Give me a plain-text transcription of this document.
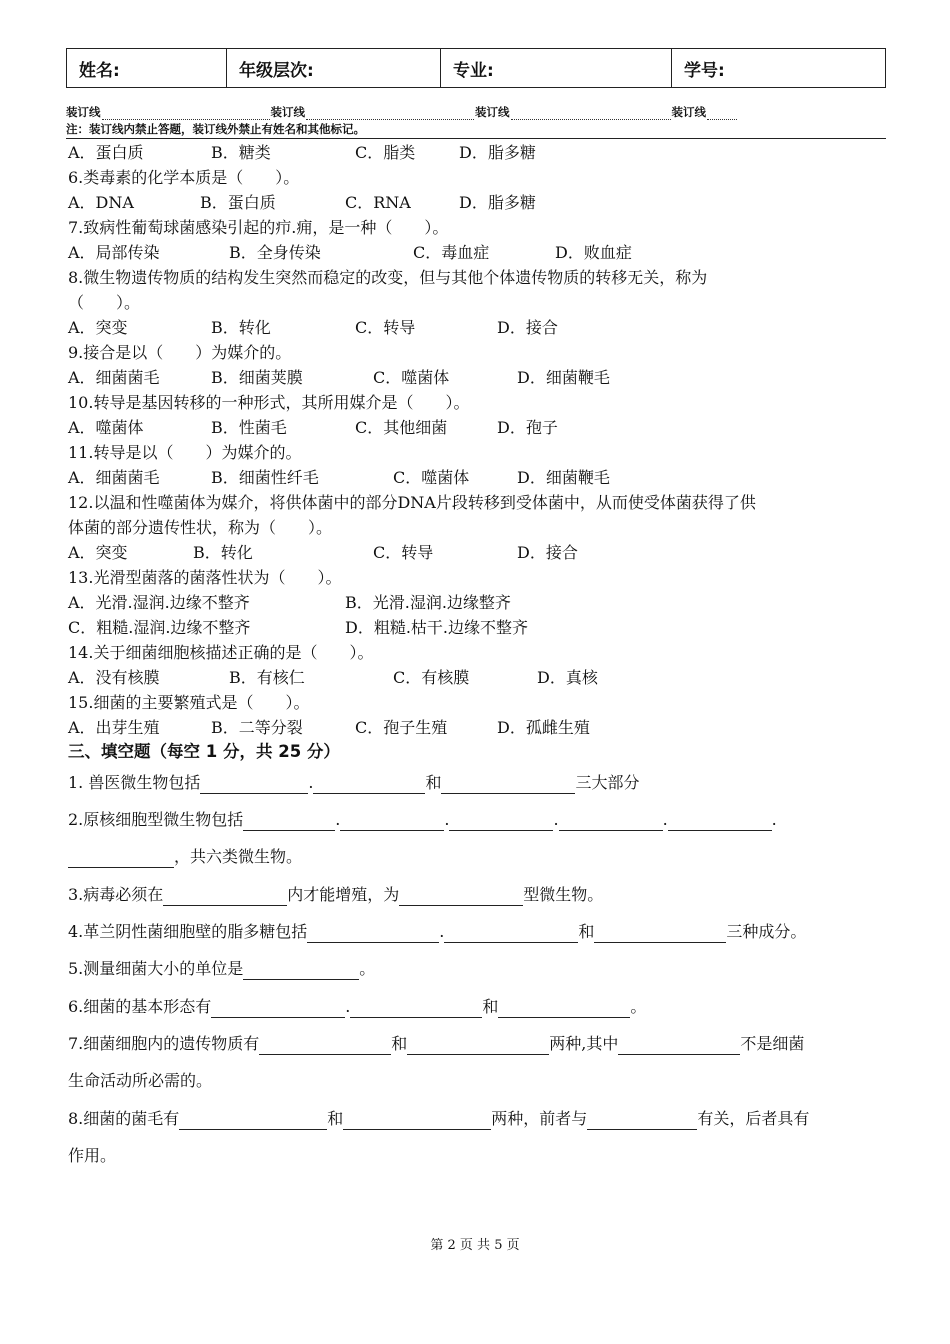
姓名:	年级层次:	专业:	学号:
装订线	装订线	装订线	装订线
注：装订线内禁止答题，装订线外禁止有姓名和其他标记。
A．蛋白质	B．糖类	C．脂类	D．脂多糖
6.类毒素的化学本质是（　　）。
A．DNA	B．蛋白质	C．RNA	D．脂多糖
7.致病性葡萄球菌感染引起的疖.痈，是一种（　　）。
A．局部传染	B．全身传染	C．毒血症	D．败血症
8.微生物遗传物质的结构发生突然而稳定的改变，但与其他个体遗传物质的转移无关，称为
（　　）。
A．突变	B．转化	C．转导	D．接合
9.接合是以（　　）为媒介的。
A．细菌菌毛	B．细菌荚膜	C．噬菌体	D．细菌鞭毛
10.转导是基因转移的一种形式，其所用媒介是（　　）。
A．噬菌体	B．性菌毛	C．其他细菌	D．孢子
11.转导是以（　　）为媒介的。
A．细菌菌毛	B．细菌性纤毛	C．噬菌体	D．细菌鞭毛
12.以温和性噬菌体为媒介，将供体菌中的部分DNA片段转移到受体菌中，从而使受体菌获得了供
体菌的部分遗传性状，称为（　　）。
A．突变	B．转化	C．转导	D．接合
13.光滑型菌落的菌落性状为（　　）。
A．光滑.湿润.边缘不整齐	B．光滑.湿润.边缘整齐
C．粗糙.湿润.边缘不整齐	D．粗糙.枯干.边缘不整齐
14.关于细菌细胞核描述正确的是（　　）。
A．没有核膜	B．有核仁	C．有核膜	D．真核
15.细菌的主要繁殖式是（　　）。
A．出芽生殖	B．二等分裂	C．孢子生殖	D．孤雌生殖
三、填空题（每空 1 分，共 25 分）
1. 兽医微生物包括	.	和	三大部分
2.原核细胞型微生物包括	.	.	.	.	.
，共六类微生物。
3.病毒必须在	内才能增殖，为	型微生物。
4.革兰阴性菌细胞壁的脂多糖包括	.	和	三种成分。
5.测量细菌大小的单位是	。
6.细菌的基本形态有	.	和	。
7.细菌细胞内的遗传物质有	和	两种,其中	不是细菌
生命活动所必需的。
8.细菌的菌毛有	和	两种，前者与	有关，后者具有
作用。
第 2 页 共 5 页
